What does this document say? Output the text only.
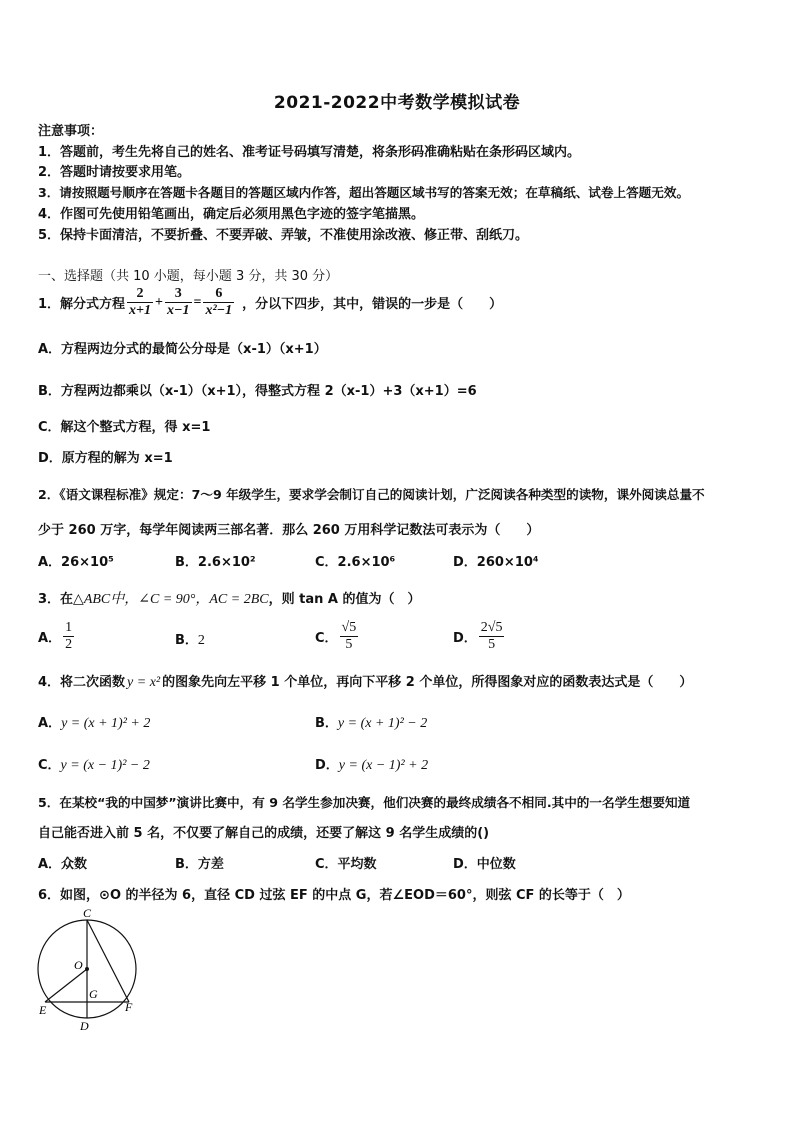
2021-2022中考数学模拟试卷
注意事项：
1．答题前，考生先将自己的姓名、准考证号码填写清楚，将条形码准确粘贴在条形码区域内。
2．答题时请按要求用笔。
3．请按照题号顺序在答题卡各题目的答题区域内作答，超出答题区域书写的答案无效；在草稿纸、试卷上答题无效。
4．作图可先使用铅笔画出，确定后必须用黑色字迹的签字笔描黑。
5．保持卡面清洁，不要折叠、不要弄破、弄皱，不准使用涂改液、修正带、刮纸刀。
一、选择题（共 10 小题，每小题 3 分，共 30 分）
1．解分式方程 $\frac{2}{x+1} + \frac{3}{x-1} = \frac{6}{\text{x²−1}}$ ，分以下四步，其中，错误的一步是（　　）
A．方程两边分式的最简公分母是（x-1）（x+1）
B．方程两边都乘以（x-1）（x+1），得整式方程 2（x-1）+3（x+1）=6
C．解这个整式方程，得 x=1
D．原方程的解为 x=1
2．《语文课程标准》规定：7～9 年级学生，要求学会制订自己的阅读计划，广泛阅读各种类型的读物，课外阅读总量不
少于 260 万字，每学年阅读两三部名著．那么 260 万用科学记数法可表示为（　　）
A．26×10⁵	B．2.6×10²	C．2.6×10⁶	D．260×10⁴
3．在△ABC中，∠C = 90°，AC = 2BC，则 tan A 的值为（　）
A． $\frac{1}{2}$	B．2	C． $\frac{√5}{5}$	D． $\frac{2√5}{5}$
4．将二次函数 y = x² 的图象先向左平移 1 个单位，再向下平移 2 个单位，所得图象对应的函数表达式是（　　）
A．y = (x + 1)² + 2	B．y = (x + 1)² − 2
C．y = (x − 1)² − 2	D．y = (x − 1)² + 2
5．在某校“我的中国梦”演讲比赛中，有 9 名学生参加决赛，他们决赛的最终成绩各不相同.其中的一名学生想要知道
自己能否进入前 5 名，不仅要了解自己的成绩，还要了解这 9 名学生成绩的()
A．众数	B．方差	C．平均数	D．中位数
6．如图，⊙O 的半径为 6，直径 CD 过弦 EF 的中点 G，若∠EOD＝60°，则弦 CF 的长等于（　）
C
O
G
E	F
D
